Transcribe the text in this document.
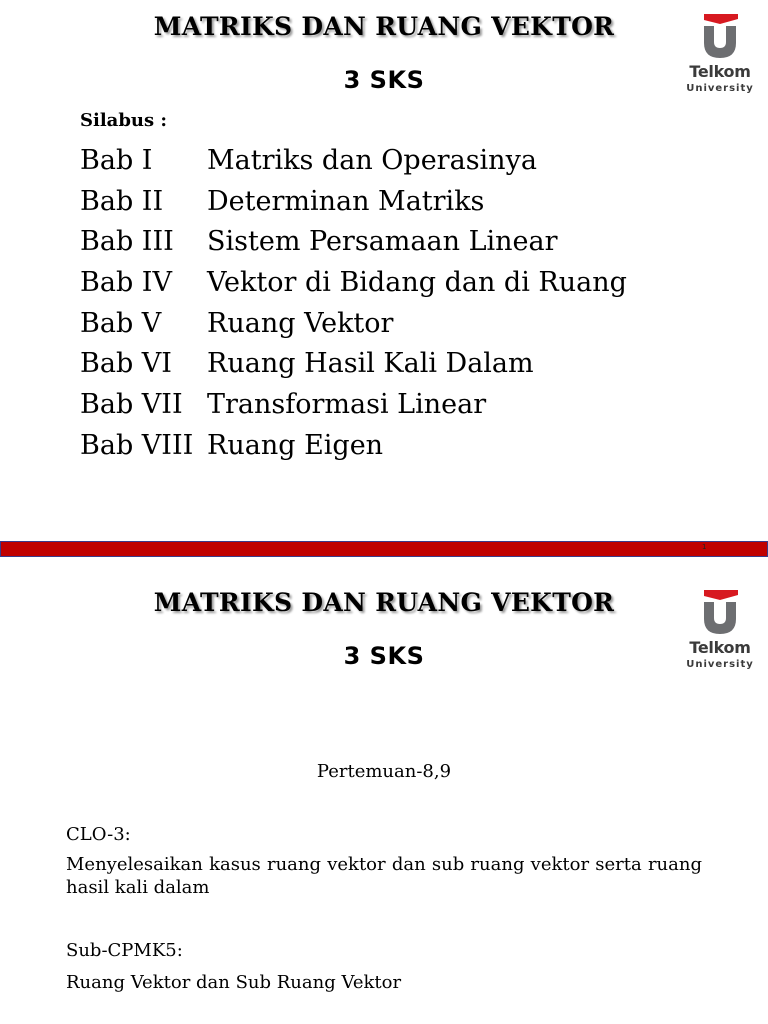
MATRIKS DAN RUANG VEKTOR
3 SKS	Telkom
University
Silabus :
Bab I	Matriks dan Operasinya
Bab II	Determinan Matriks
Bab III	Sistem Persamaan Linear
Bab IV	Vektor di Bidang dan di Ruang
Bab V	Ruang Vektor
Bab VI	Ruang Hasil Kali Dalam
Bab VII Transformasi Linear
Bab VIII Ruang Eigen
1
MATRIKS DAN RUANG VEKTOR
3 SKS	Telkom
University
Pertemuan-8,9
CLO-3:
Menyelesaikan kasus ruang vektor dan sub ruang vektor serta ruang hasil kali dalam
Sub-CPMK5:
Ruang Vektor dan Sub Ruang Vektor
